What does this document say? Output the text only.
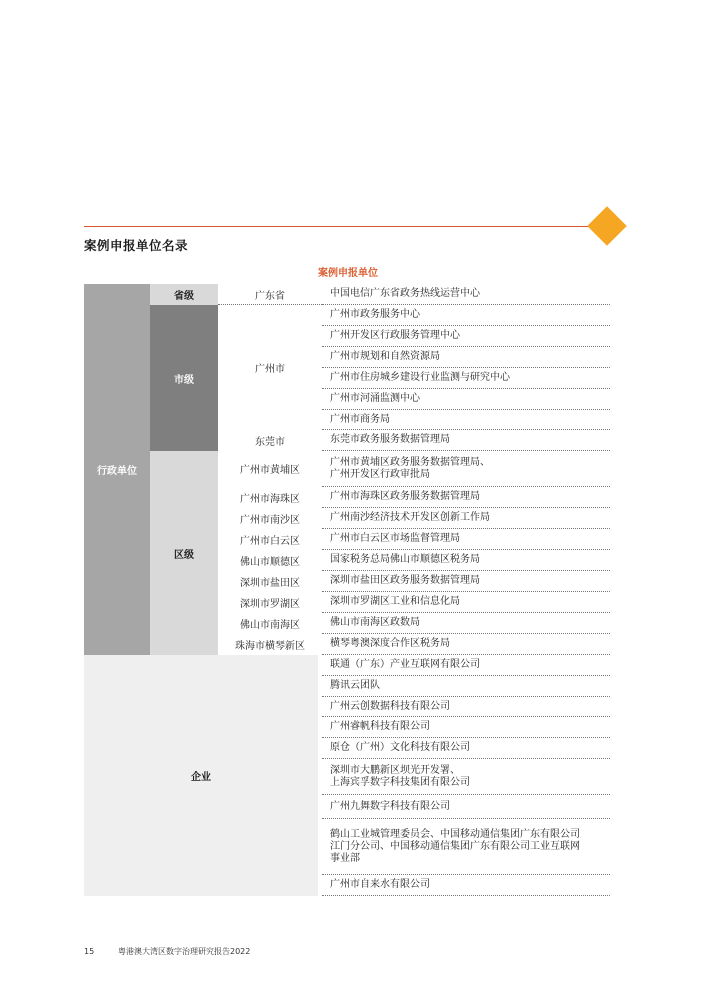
案例申报单位名录
案例申报单位
行政单位
企业
省级
市级
区级
广东省
广州市
东莞市
广州市黄埔区
广州市海珠区
广州市南沙区
广州市白云区
佛山市顺德区
深圳市盐田区
深圳市罗湖区
佛山市南海区
珠海市横琴新区
中国电信广东省政务热线运营中心
广州市政务服务中心
广州开发区行政服务管理中心
广州市规划和自然资源局
广州市住房城乡建设行业监测与研究中心
广州市河涌监测中心
广州市商务局
东莞市政务服务数据管理局
广州市黄埔区政务服务数据管理局、
广州开发区行政审批局
广州市海珠区政务服务数据管理局
广州南沙经济技术开发区创新工作局
广州市白云区市场监督管理局
国家税务总局佛山市顺德区税务局
深圳市盐田区政务服务数据管理局
深圳市罗湖区工业和信息化局
佛山市南海区政数局
横琴粤澳深度合作区税务局
联通（广东）产业互联网有限公司
腾讯云团队
广州云创数据科技有限公司
广州睿帆科技有限公司
原仓（广州）文化科技有限公司
深圳市大鹏新区坝光开发署、
上海宾孚数字科技集团有限公司
广州九舞数字科技有限公司
鹤山工业城管理委员会、中国移动通信集团广东有限公司
江门分公司、中国移动通信集团广东有限公司工业互联网
事业部
广州市自来水有限公司
15	粤港澳大湾区数字治理研究报告2022
